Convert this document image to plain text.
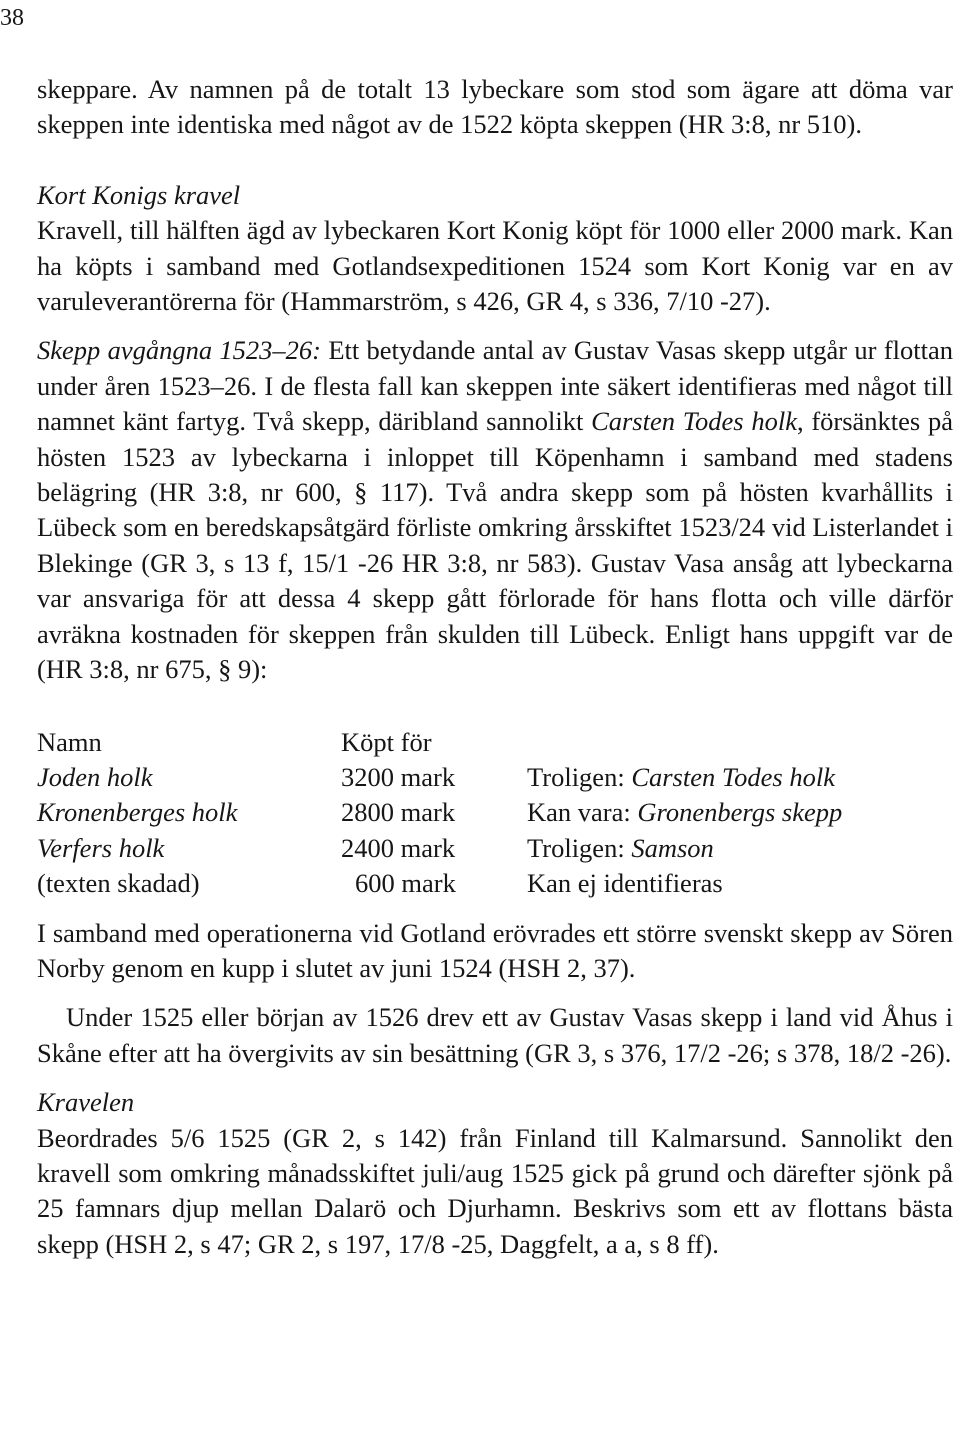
38

skeppare. Av namnen på de totalt 13 lybeckare som stod som ägare att döma var skeppen inte identiska med något av de 1522 köpta skeppen (HR 3:8, nr 510).

Kort Konigs kravel

Kravell, till hälften ägd av lybeckaren Kort Konig köpt för 1000 eller 2000 mark. Kan ha köpts i samband med Gotlandsexpeditionen 1524 som Kort Konig var en av varuleverantörerna för (Hammarström, s 426, GR 4, s 336, 7/10 -27).

Skepp avgångna 1523–26: Ett betydande antal av Gustav Vasas skepp utgår ur flottan under åren 1523–26. I de flesta fall kan skeppen inte säkert identifieras med något till namnet känt fartyg. Två skepp, däribland sannolikt Carsten Todes holk, försänktes på hösten 1523 av lybeckarna i inloppet till Köpenhamn i samband med stadens belägring (HR 3:8, nr 600, § 117). Två andra skepp som på hösten kvarhållits i Lübeck som en beredskapsåtgärd förliste omkring årsskiftet 1523/24 vid Listerlandet i Blekinge (GR 3, s 13 f, 15/1 -26 HR 3:8, nr 583). Gustav Vasa ansåg att lybeckarna var ansvariga för att dessa 4 skepp gått förlorade för hans flotta och ville därför avräkna kostnaden för skeppen från skulden till Lübeck. Enligt hans uppgift var de (HR 3:8, nr 675, § 9):

Namn	Köpt för	
Joden holk	3200 mark	Troligen: Carsten Todes holk
Kronenberges holk	2800 mark	Kan vara: Gronenbergs skepp
Verfers holk	2400 mark	Troligen: Samson
(texten skadad)	600 mark	Kan ej identifieras

I samband med operationerna vid Gotland erövrades ett större svenskt skepp av Sören Norby genom en kupp i slutet av juni 1524 (HSH 2, 37).

Under 1525 eller början av 1526 drev ett av Gustav Vasas skepp i land vid Åhus i Skåne efter att ha övergivits av sin besättning (GR 3, s 376, 17/2 -26; s 378, 18/2 -26).

Kravelen

Beordrades 5/6 1525 (GR 2, s 142) från Finland till Kalmarsund. Sannolikt den kravell som omkring månadsskiftet juli/aug 1525 gick på grund och därefter sjönk på 25 famnars djup mellan Dalarö och Djurhamn. Beskrivs som ett av flottans bästa skepp (HSH 2, s 47; GR 2, s 197, 17/8 -25, Daggfelt, a a, s 8 ff).
